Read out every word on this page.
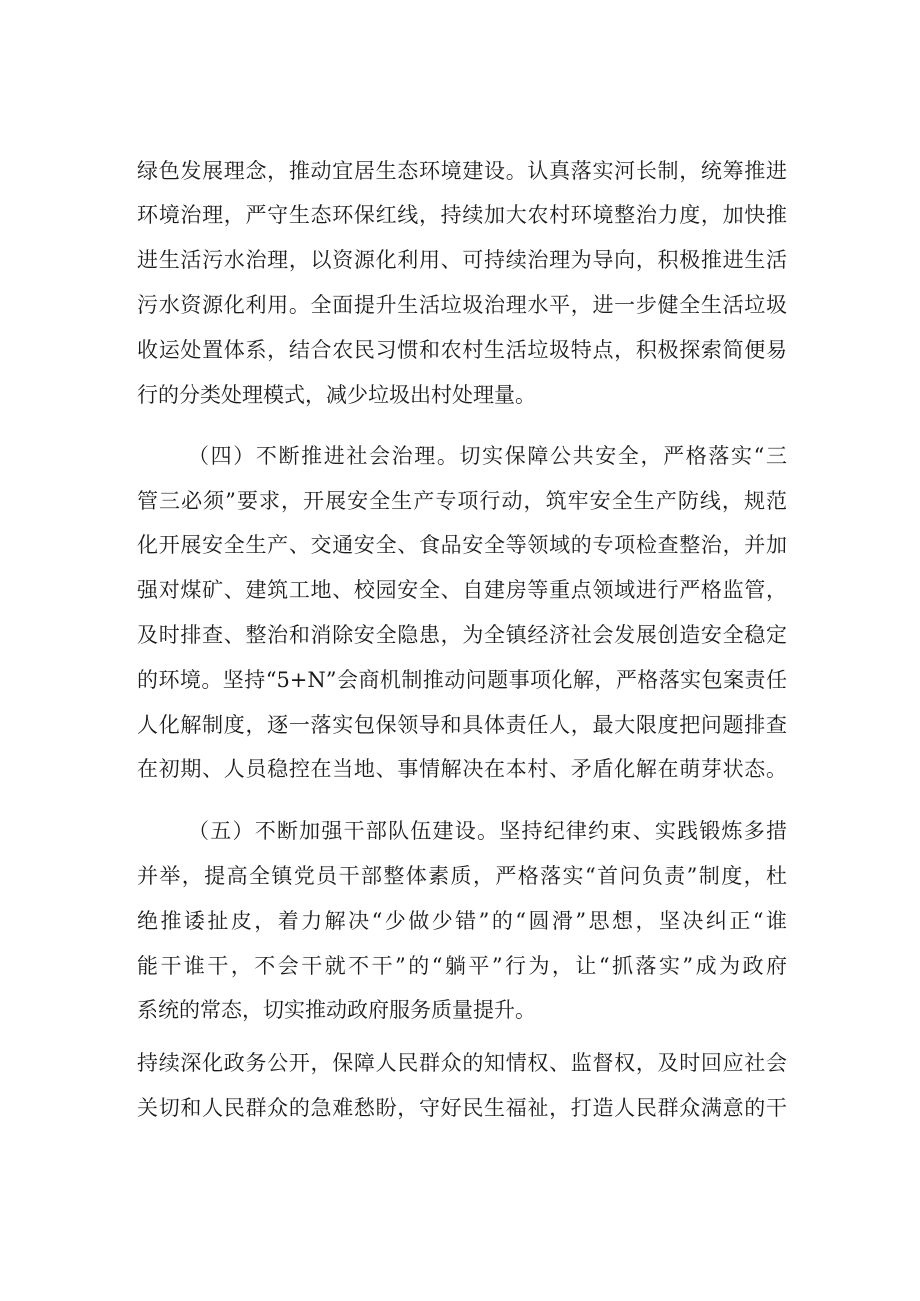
绿色发展理念，推动宜居生态环境建设。认真落实河长制，统筹推进
环境治理，严守生态环保红线，持续加大农村环境整治力度，加快推
进生活污水治理，以资源化利用、可持续治理为导向，积极推进生活
污水资源化利用。全面提升生活垃圾治理水平，进一步健全生活垃圾
收运处置体系，结合农民习惯和农村生活垃圾特点，积极探索简便易
行的分类处理模式，减少垃圾出村处理量。
（四）不断推进社会治理。切实保障公共安全，严格落实“三
管三必须”要求，开展安全生产专项行动，筑牢安全生产防线，规范
化开展安全生产、交通安全、食品安全等领域的专项检查整治，并加
强对煤矿、建筑工地、校园安全、自建房等重点领域进行严格监管，
及时排查、整治和消除安全隐患，为全镇经济社会发展创造安全稳定
的环境。坚持“5+N”会商机制推动问题事项化解，严格落实包案责任
人化解制度，逐一落实包保领导和具体责任人，最大限度把问题排查
在初期、人员稳控在当地、事情解决在本村、矛盾化解在萌芽状态。
（五）不断加强干部队伍建设。坚持纪律约束、实践锻炼多措
并举，提高全镇党员干部整体素质，严格落实“首问负责”制度，杜
绝推诿扯皮，着力解决“少做少错”的“圆滑”思想，坚决纠正“谁
能干谁干，不会干就不干”的“躺平”行为，让“抓落实”成为政府
系统的常态，切实推动政府服务质量提升。
持续深化政务公开，保障人民群众的知情权、监督权，及时回应社会
关切和人民群众的急难愁盼，守好民生福祉，打造人民群众满意的干
